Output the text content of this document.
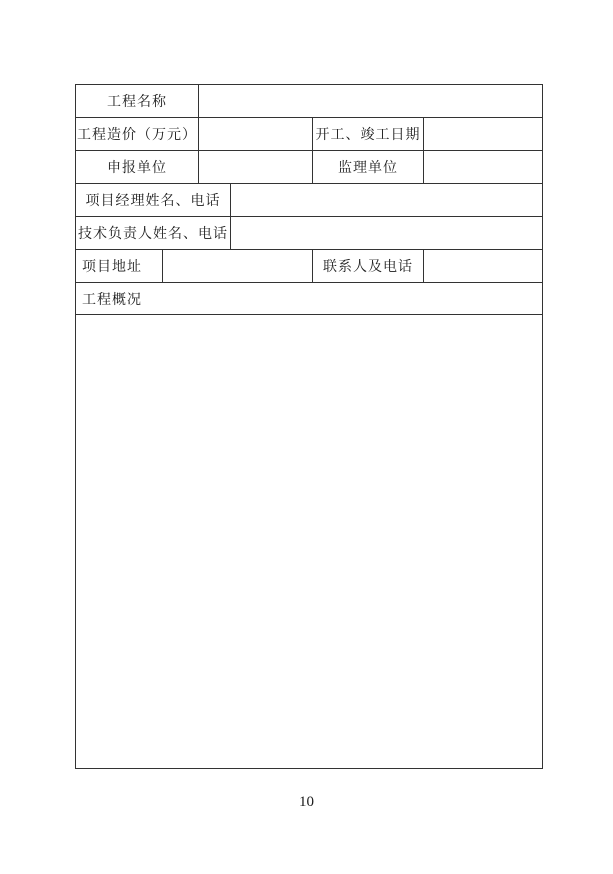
工程名称
工程造价（万元）	开工、竣工日期
申报单位	监理单位
项目经理姓名、电话
技术负责人姓名、电话
项目地址	联系人及电话
工程概况
10
